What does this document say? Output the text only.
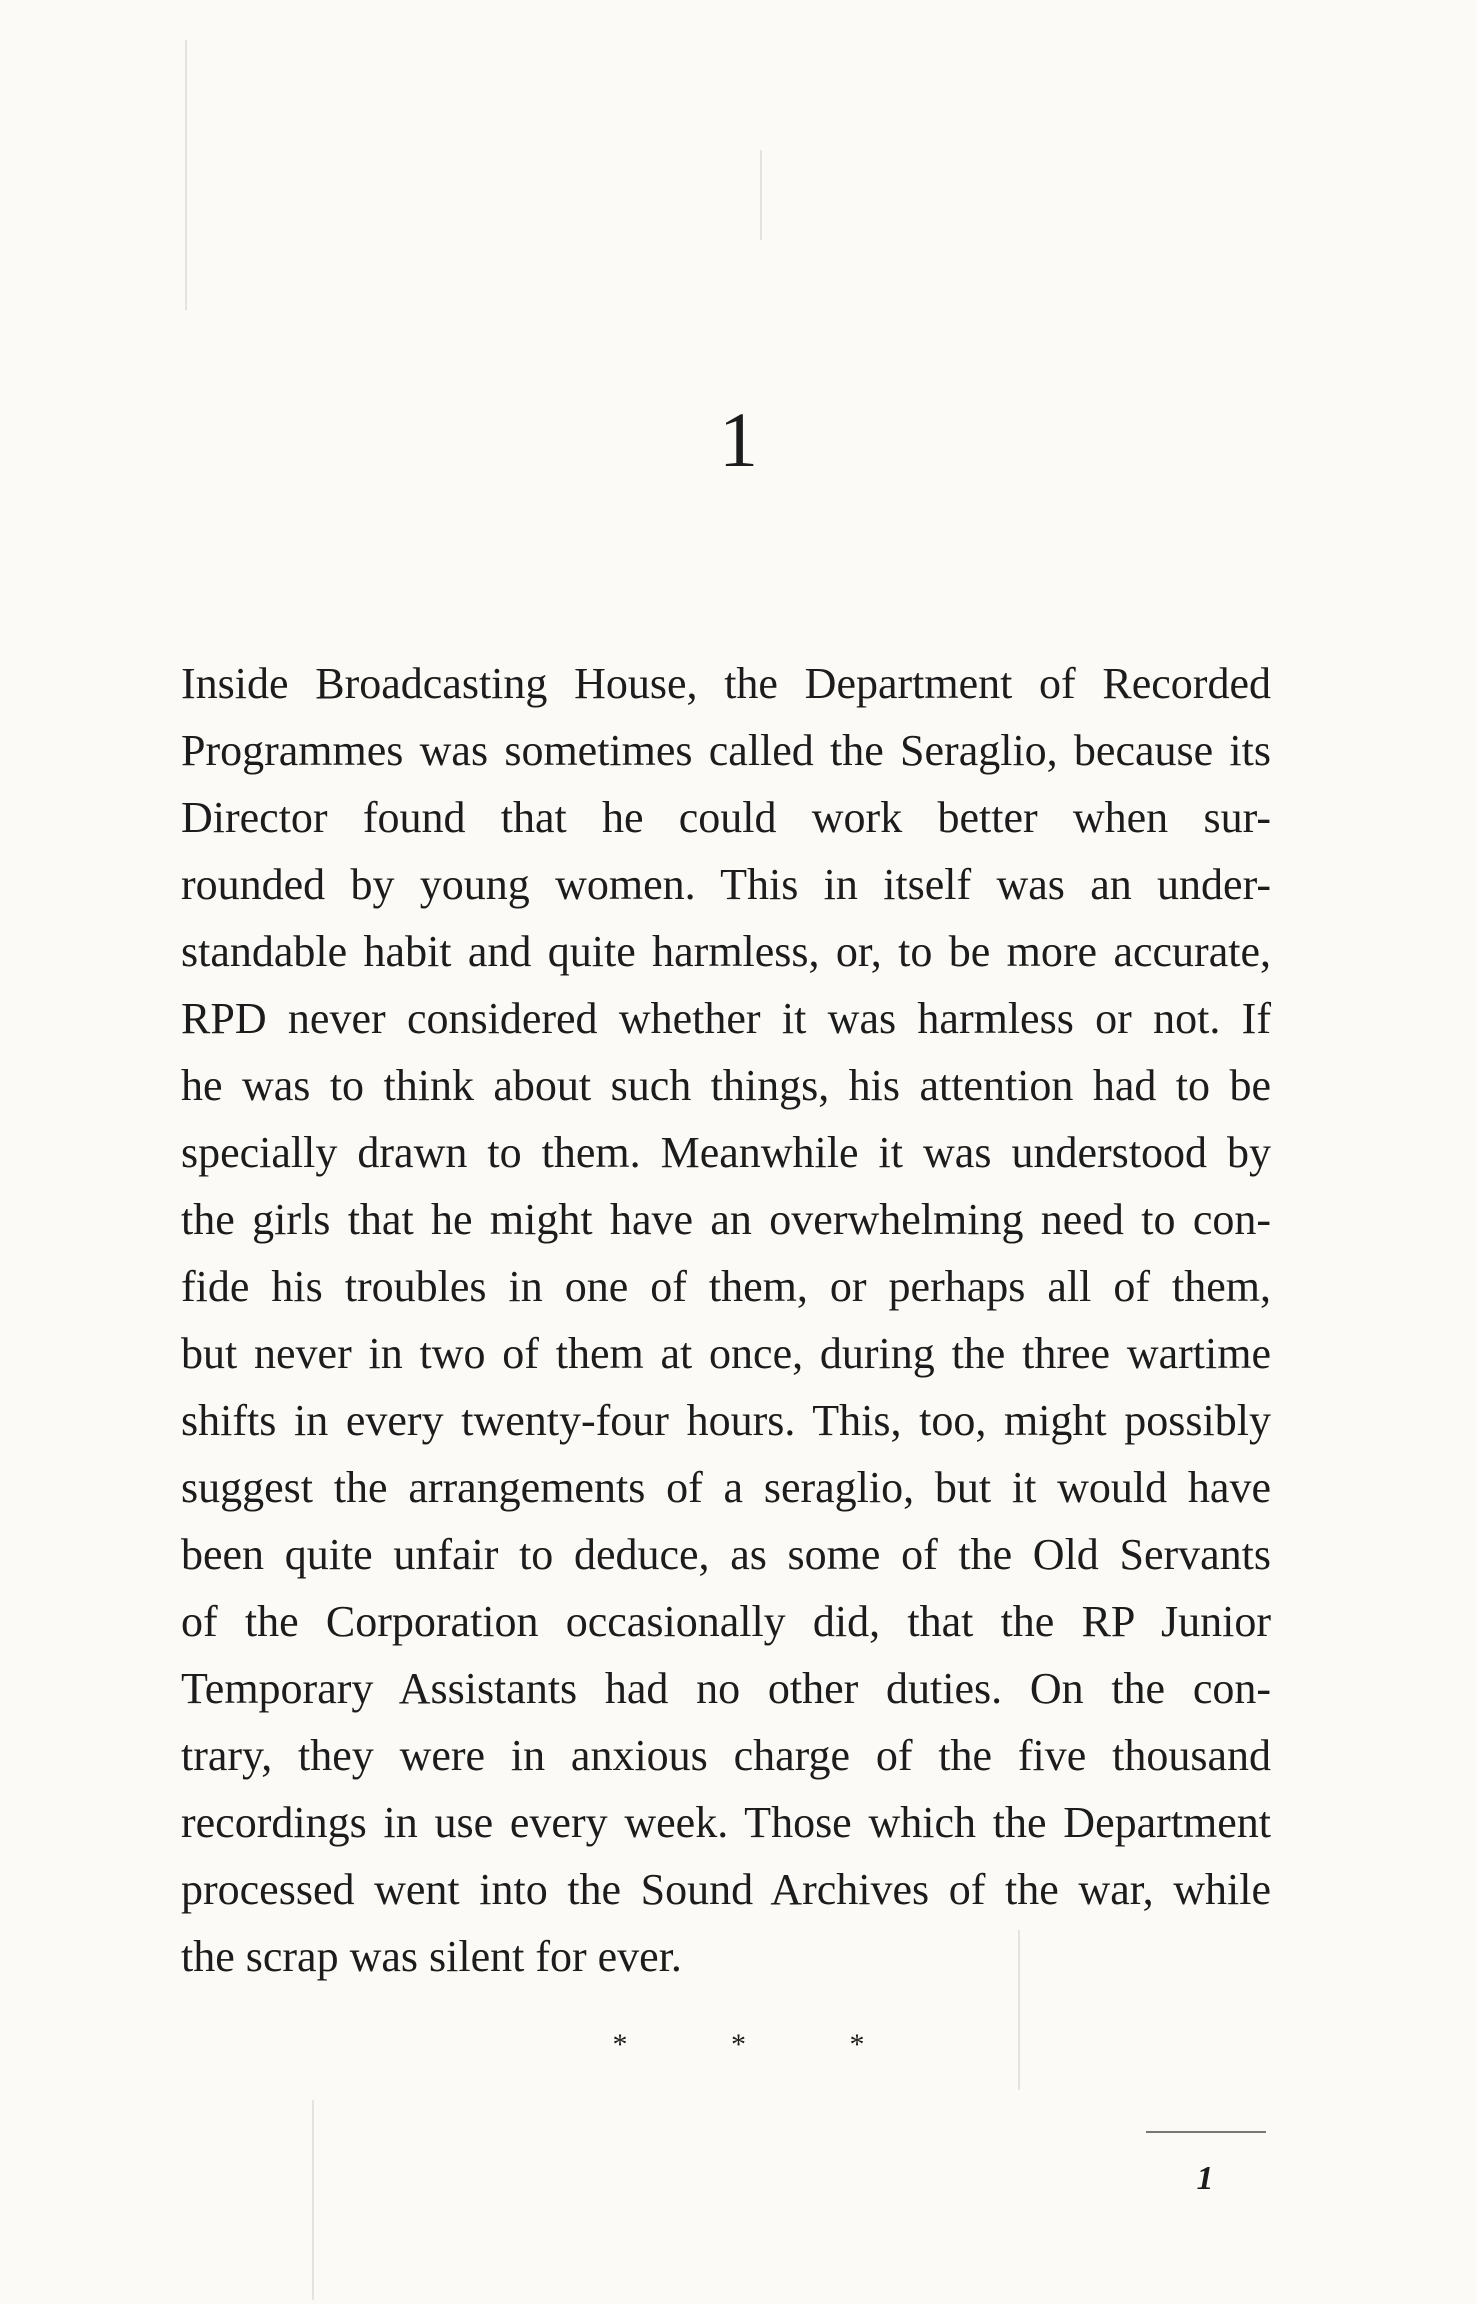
1
Inside Broadcasting House, the Department of Recorded
Programmes was sometimes called the Seraglio, because its
Director found that he could work better when sur-
rounded by young women. This in itself was an under-
standable habit and quite harmless, or, to be more accurate,
RPD never considered whether it was harmless or not. If
he was to think about such things, his attention had to be
specially drawn to them. Meanwhile it was understood by
the girls that he might have an overwhelming need to con-
fide his troubles in one of them, or perhaps all of them,
but never in two of them at once, during the three wartime
shifts in every twenty-four hours. This, too, might possibly
suggest the arrangements of a seraglio, but it would have
been quite unfair to deduce, as some of the Old Servants
of the Corporation occasionally did, that the RP Junior
Temporary Assistants had no other duties. On the con-
trary, they were in anxious charge of the five thousand
recordings in use every week. Those which the Department
processed went into the Sound Archives of the war, while
the scrap was silent for ever.
*	*	*
1
